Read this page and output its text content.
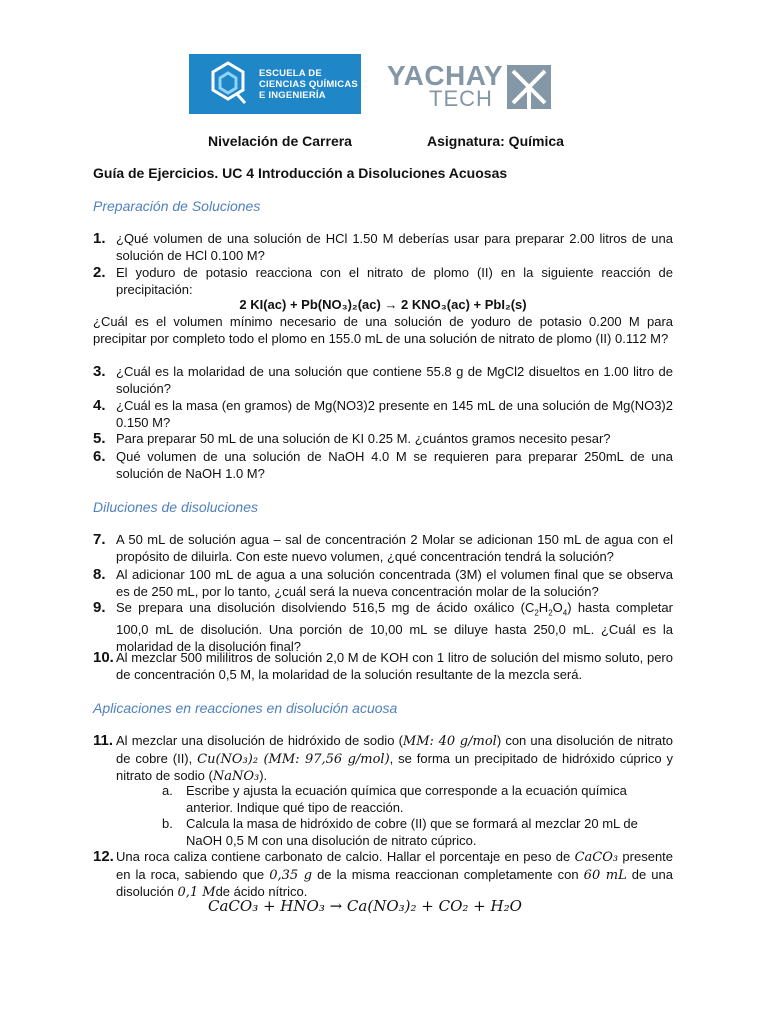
ESCUELA DE
CIENCIAS QUÍMICAS
E INGENIERÍA
YACHAY
TECH
Nivelación de Carrera	Asignatura: Química
Guía de Ejercicios. UC 4 Introducción a Disoluciones Acuosas
Preparación de Soluciones
1. ¿Qué volumen de una solución de HCl 1.50 M deberías usar para preparar 2.00 litros de una solución de HCl 0.100 M?
2. El yoduro de potasio reacciona con el nitrato de plomo (II) en la siguiente reacción de precipitación:
2 KI(ac) + Pb(NO₃)₂(ac) → 2 KNO₃(ac) + PbI₂(s)
¿Cuál es el volumen mínimo necesario de una solución de yoduro de potasio 0.200 M para precipitar por completo todo el plomo en 155.0 mL de una solución de nitrato de plomo (II) 0.112 M?
3. ¿Cuál es la molaridad de una solución que contiene 55.8 g de MgCl2 disueltos en 1.00 litro de solución?
4. ¿Cuál es la masa (en gramos) de Mg(NO3)2 presente en 145 mL de una solución de Mg(NO3)2 0.150 M?
5. Para preparar 50 mL de una solución de KI 0.25 M. ¿cuántos gramos necesito pesar?
6. Qué volumen de una solución de NaOH 4.0 M se requieren para preparar 250mL de una solución de NaOH 1.0 M?
Diluciones de disoluciones
7. A 50 mL de solución agua – sal de concentración 2 Molar se adicionan 150 mL de agua con el propósito de diluirla. Con este nuevo volumen, ¿qué concentración tendrá la solución?
8. Al adicionar 100 mL de agua a una solución concentrada (3M) el volumen final que se observa es de 250 mL, por lo tanto, ¿cuál será la nueva concentración molar de la solución?
9. Se prepara una disolución disolviendo 516,5 mg de ácido oxálico $(C_2H_2O_4)$ hasta completar 100,0 mL de disolución. Una porción de 10,00 mL se diluye hasta 250,0 mL. ¿Cuál es la molaridad de la disolución final?
10. Al mezclar 500 mililitros de solución 2,0 M de KOH con 1 litro de solución del mismo soluto, pero de concentración 0,5 M, la molaridad de la solución resultante de la mezcla será.
Aplicaciones en reacciones en disolución acuosa
11. Al mezclar una disolución de hidróxido de sodio (MM: 40 g/mol) con una disolución de nitrato de cobre (II), Cu(NO₃)₂ (MM: 97,56 g/mol), se forma un precipitado de hidróxido cúprico y nitrato de sodio (NaNO₃).
a. Escribe y ajusta la ecuación química que corresponde a la ecuación química anterior. Indique qué tipo de reacción.
b. Calcula la masa de hidróxido de cobre (II) que se formará al mezclar 20 mL de NaOH 0,5 M con una disolución de nitrato cúprico.
12. Una roca caliza contiene carbonato de calcio. Hallar el porcentaje en peso de CaCO₃ presente en la roca, sabiendo que 0,35 g de la misma reaccionan completamente con 60 mL de una disolución 0,1 Mde ácido nítrico.
CaCO₃ + HNO₃ → Ca(NO₃)₂ + CO₂ + H₂O
